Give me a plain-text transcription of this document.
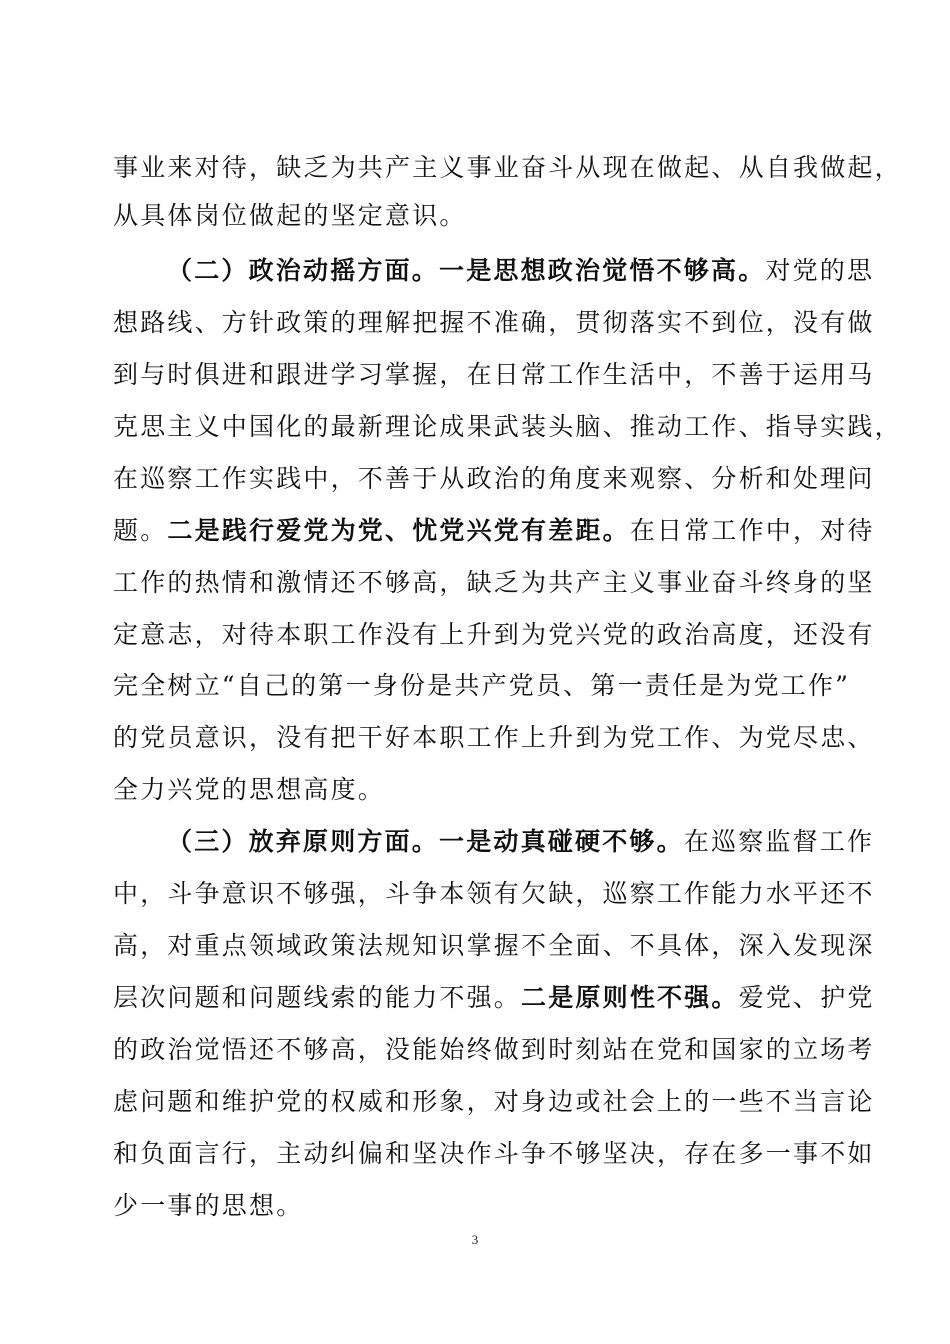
事业来对待，缺乏为共产主义事业奋斗从现在做起、从自我做起，
从具体岗位做起的坚定意识。
（二）政治动摇方面。一是思想政治觉悟不够高。对党的思
想路线、方针政策的理解把握不准确，贯彻落实不到位，没有做
到与时俱进和跟进学习掌握，在日常工作生活中，不善于运用马
克思主义中国化的最新理论成果武装头脑、推动工作、指导实践，
在巡察工作实践中，不善于从政治的角度来观察、分析和处理问
题。二是践行爱党为党、忧党兴党有差距。在日常工作中，对待
工作的热情和激情还不够高，缺乏为共产主义事业奋斗终身的坚
定意志，对待本职工作没有上升到为党兴党的政治高度，还没有
完全树立“自己的第一身份是共产党员、第一责任是为党工作”
的党员意识，没有把干好本职工作上升到为党工作、为党尽忠、
全力兴党的思想高度。
（三）放弃原则方面。一是动真碰硬不够。在巡察监督工作
中，斗争意识不够强，斗争本领有欠缺，巡察工作能力水平还不
高，对重点领域政策法规知识掌握不全面、不具体，深入发现深
层次问题和问题线索的能力不强。二是原则性不强。爱党、护党
的政治觉悟还不够高，没能始终做到时刻站在党和国家的立场考
虑问题和维护党的权威和形象，对身边或社会上的一些不当言论
和负面言行，主动纠偏和坚决作斗争不够坚决，存在多一事不如
少一事的思想。
3
